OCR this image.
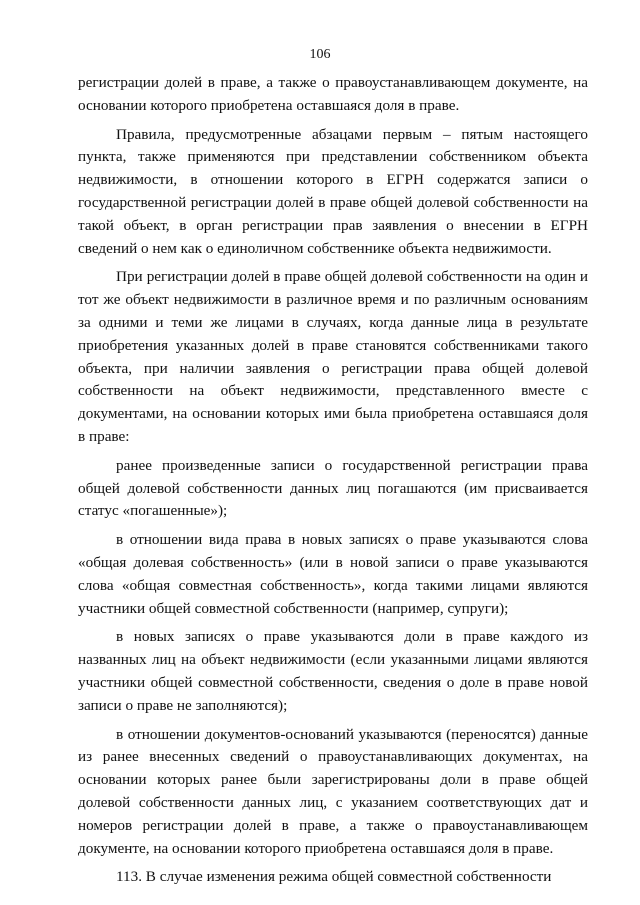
106

регистрации долей в праве, а также о правоустанавливающем документе, на основании которого приобретена оставшаяся доля в праве.

Правила, предусмотренные абзацами первым – пятым настоящего пункта, также применяются при представлении собственником объекта недвижимости, в отношении которого в ЕГРН содержатся записи о государственной регистрации долей в праве общей долевой собственности на такой объект, в орган регистрации прав заявления о внесении в ЕГРН сведений о нем как о единоличном собственнике объекта недвижимости.

При регистрации долей в праве общей долевой собственности на один и тот же объект недвижимости в различное время и по различным основаниям за одними и теми же лицами в случаях, когда данные лица в результате приобретения указанных долей в праве становятся собственниками такого объекта, при наличии заявления о регистрации права общей долевой собственности на объект недвижимости, представленного вместе с документами, на основании которых ими была приобретена оставшаяся доля в праве:

ранее произведенные записи о государственной регистрации права общей долевой собственности данных лиц погашаются (им присваивается статус «погашенные»);

в отношении вида права в новых записях о праве указываются слова «общая долевая собственность» (или в новой записи о праве указываются слова «общая совместная собственность», когда такими лицами являются участники общей совместной собственности (например, супруги);

в новых записях о праве указываются доли в праве каждого из названных лиц на объект недвижимости (если указанными лицами являются участники общей совместной собственности, сведения о доле в праве новой записи о праве не заполняются);

в отношении документов-оснований указываются (переносятся) данные из ранее внесенных сведений о правоустанавливающих документах, на основании которых ранее были зарегистрированы доли в праве общей долевой собственности данных лиц, с указанием соответствующих дат и номеров регистрации долей в праве, а также о правоустанавливающем документе, на основании которого приобретена оставшаяся доля в праве.

113. В случае изменения режима общей совместной собственности
